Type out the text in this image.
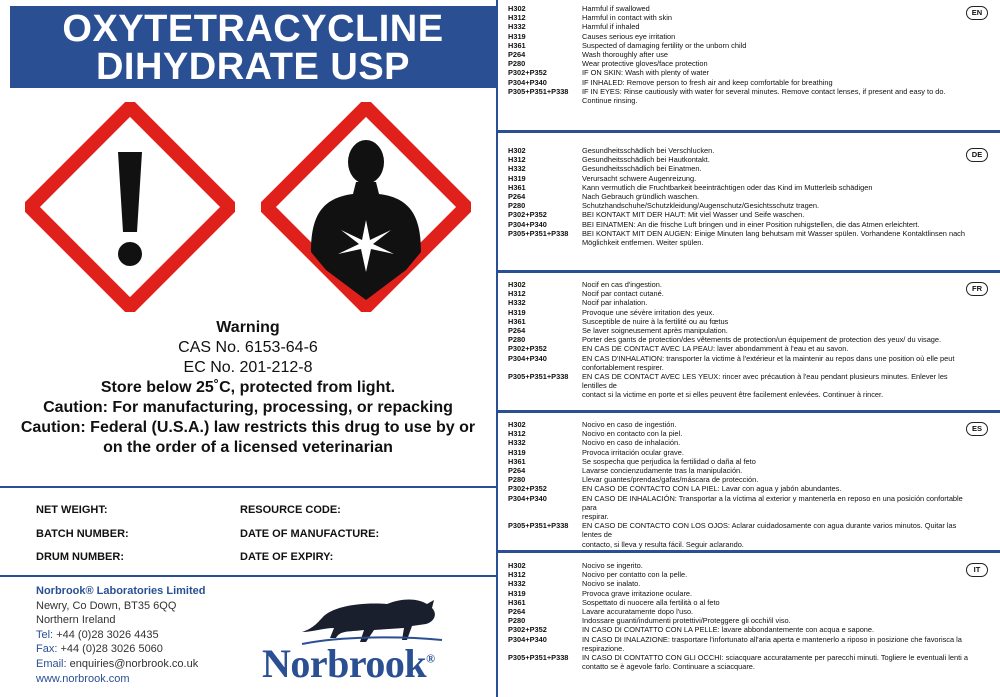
OXYTETRACYCLINE
DIHYDRATE USP
Warning
CAS No. 6153-64-6
EC No. 201-212-8
Store below 25˚C, protected from light.
Caution: For manufacturing, processing, or repacking
Caution: Federal (U.S.A.) law restricts this drug to use by or
on the order of a licensed veterinarian
NET WEIGHT:	RESOURCE CODE:
BATCH NUMBER:	DATE OF MANUFACTURE:
DRUM NUMBER:	DATE OF EXPIRY:
Norbrook® Laboratories Limited
Newry, Co Down, BT35 6QQ
Northern Ireland
Tel: +44 (0)28 3026 4435
Fax: +44 (0)28 3026 5060
Email: enquiries@norbrook.co.uk
www.norbrook.com	Norbrook®
EN
H302	Harmful if swallowed
H312	Harmful in contact with skin
H332	Harmful if inhaled
H319	Causes serious eye irritation
H361	Suspected of damaging fertility or the unborn child
P264	Wash thoroughly after use
P280	Wear protective gloves/face protection
P302+P352	IF ON SKIN: Wash with plenty of water
P304+P340	IF INHALED: Remove person to fresh air and keep comfortable for breathing
P305+P351+P338	IF IN EYES: Rinse cautiously with water for several minutes. Remove contact lenses, if present and easy to do.
Continue rinsing.
DE
H302	Gesundheitsschädlich bei Verschlucken.
H312	Gesundheitsschädlich bei Hautkontakt.
H332	Gesundheitsschädlich bei Einatmen.
H319	Verursacht schwere Augenreizung.
H361	Kann vermutlich die Fruchtbarkeit beeinträchtigen oder das Kind im Mutterleib schädigen
P264	Nach Gebrauch gründlich waschen.
P280	Schutzhandschuhe/Schutzkleidung/Augenschutz/Gesichtsschutz tragen.
P302+P352	BEI KONTAKT MIT DER HAUT: Mit viel Wasser und Seife waschen.
P304+P340	BEI EINATMEN: An die frische Luft bringen und in einer Position ruhigstellen, die das Atmen erleichtert.
P305+P351+P338	BEI KONTAKT MIT DEN AUGEN: Einige Minuten lang behutsam mit Wasser spülen. Vorhandene Kontaktlinsen nach
Möglichkeit entfernen. Weiter spülen.
FR
H302	Nocif en cas d'ingestion.
H312	Nocif par contact cutané.
H332	Nocif par inhalation.
H319	Provoque une sévère irritation des yeux.
H361	Susceptible de nuire à la fertilité ou au fœtus
P264	Se laver soigneusement après manipulation.
P280	Porter des gants de protection/des vêtements de protection/un équipement de protection des yeux/ du visage.
P302+P352	EN CAS DE CONTACT AVEC LA PEAU: laver abondamment à l'eau et au savon.
P304+P340	EN CAS D'INHALATION: transporter la victime à l'extérieur et la maintenir au repos dans une position où elle peut
confortablement respirer.
P305+P351+P338	EN CAS DE CONTACT AVEC LES YEUX: rincer avec précaution à l'eau pendant plusieurs minutes. Enlever les lentilles de
contact si la victime en porte et si elles peuvent être facilement enlevées. Continuer à rincer.
ES
H302	Nocivo en caso de ingestión.
H312	Nocivo en contacto con la piel.
H332	Nocivo en caso de inhalación.
H319	Provoca irritación ocular grave.
H361	Se sospecha que perjudica la fertilidad o daña al feto
P264	Lavarse concienzudamente tras la manipulación.
P280	Llevar guantes/prendas/gafas/máscara de protección.
P302+P352	EN CASO DE CONTACTO CON LA PIEL: Lavar con agua y jabón abundantes.
P304+P340	EN CASO DE INHALACIÓN: Transportar a la víctima al exterior y mantenerla en reposo en una posición confortable para
respirar.
P305+P351+P338	EN CASO DE CONTACTO CON LOS OJOS: Aclarar cuidadosamente con agua durante varios minutos. Quitar las lentes de
contacto, si lleva y resulta fácil. Seguir aclarando.
IT
H302	Nocivo se ingerito.
H312	Nocivo per contatto con la pelle.
H332	Nocivo se inalato.
H319	Provoca grave irritazione oculare.
H361	Sospettato di nuocere alla fertilità o al feto
P264	Lavare accuratamente dopo l'uso.
P280	Indossare guanti/indumenti protettivi/Proteggere gli occhi/il viso.
P302+P352	IN CASO DI CONTATTO CON LA PELLE: lavare abbondantemente con acqua e sapone.
P304+P340	IN CASO DI INALAZIONE: trasportare l'infortunato all'aria aperta e mantenerlo a riposo in posizione che favorisca la respirazione.
P305+P351+P338	IN CASO DI CONTATTO CON GLI OCCHI: sciacquare accuratamente per parecchi minuti. Togliere le eventuali lenti a
contatto se è agevole farlo. Continuare a sciacquare.
